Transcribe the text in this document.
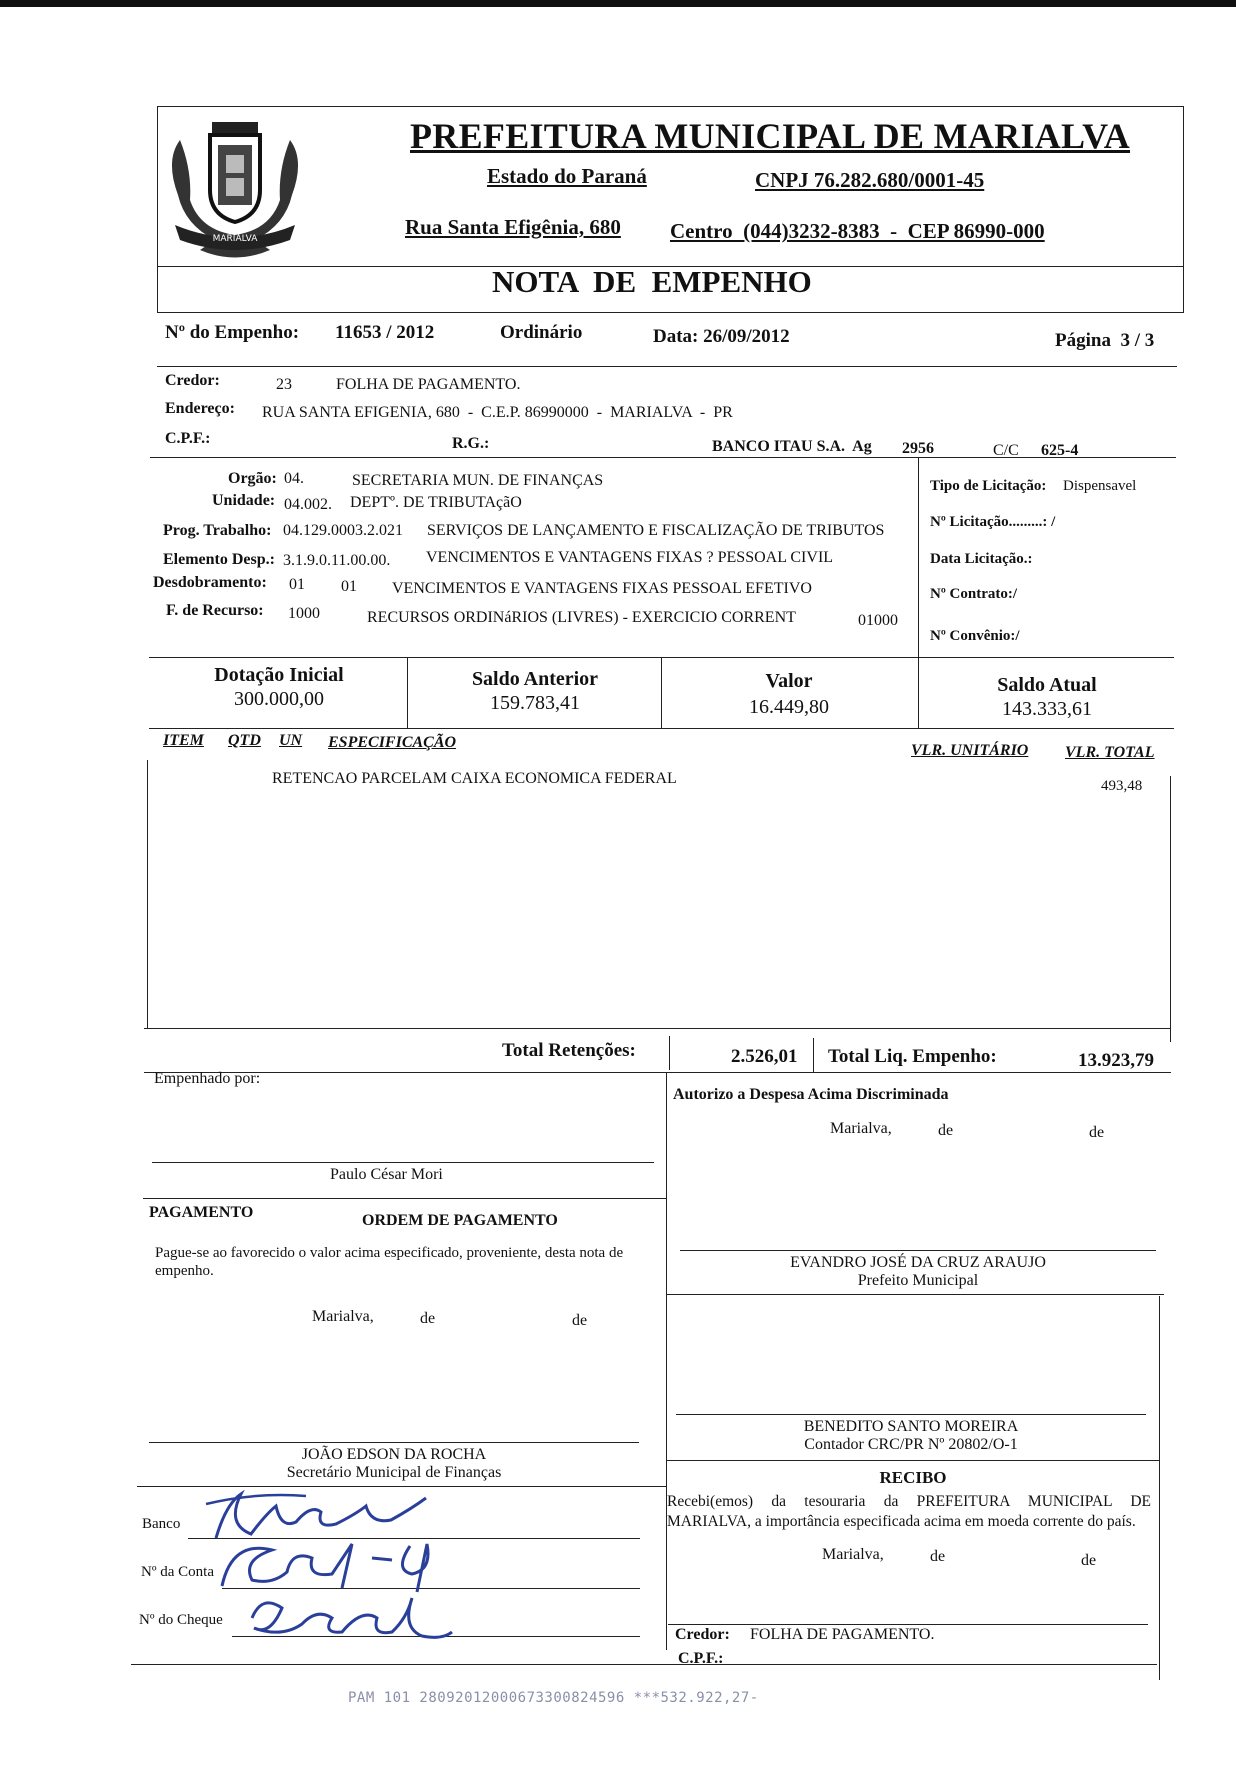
MARIALVA
PREFEITURA MUNICIPAL DE MARIALVA
Estado do Paraná	CNPJ 76.282.680/0001-45
Rua Santa Efigênia, 680 Centro  (044)3232-8383  -  CEP 86990-000
NOTA  DE  EMPENHO
Nº do Empenho: 11653 / 2012	Ordinário	Data: 26/09/2012	Página  3 / 3
Credor:	23	FOLHA DE PAGAMENTO.
Endereço: RUA SANTA EFIGENIA, 680  -  C.E.P. 86990000  -  MARIALVA  -  PR
C.P.F.:	R.G.:	BANCO ITAU S.A.  Ag 2956	C/C 625-4
Orgão: 04.	SECRETARIA MUN. DE FINANÇAS
Unidade: 04.002. DEPTº. DE TRIBUTAçãO
Prog. Trabalho: 04.129.0003.2.021 SERVIÇOS DE LANÇAMENTO E FISCALIZAÇÃO DE TRIBUTOS
Elemento Desp.: 3.1.9.0.11.00.00. VENCIMENTOS E VANTAGENS FIXAS ? PESSOAL CIVIL
Desdobramento: 01 01 VENCIMENTOS E VANTAGENS FIXAS PESSOAL EFETIVO
F. de Recurso: 1000	RECURSOS ORDINáRIOS (LIVRES) - EXERCICIO CORRENT	01000
Tipo de Licitação: Dispensavel
Nº Licitação.........: /
Data Licitação.:
Nº Contrato:/
Nº Convênio:/
Dotação Inicial
300.000,00
Saldo Anterior
159.783,41
Valor
16.449,80
Saldo Atual
143.333,61
ITEM QTD UN ESPECIFICAÇÃO	VLR. UNITÁRIO VLR. TOTAL
RETENCAO PARCELAM CAIXA ECONOMICA FEDERAL	493,48
Total Retenções:	2.526,01 Total Liq. Empenho:	13.923,79
Empenhado por:
Paulo César Mori
Autorizo a Despesa Acima Discriminada
Marialva,	de	de
EVANDRO JOSÉ DA CRUZ ARAUJO
Prefeito Municipal
PAGAMENTO	ORDEM DE PAGAMENTO
Pague-se ao favorecido o valor acima especificado, proveniente, desta nota de empenho.
Marialva,	de	de
JOÃO EDSON DA ROCHA
Secretário Municipal de Finanças
BENEDITO SANTO MOREIRA
Contador CRC/PR Nº 20802/O-1
RECIBO
Recebi(emos) da tesouraria da PREFEITURA MUNICIPAL DE MARIALVA, a importância especificada acima em moeda corrente do país.
Marialva,	de	de
Credor: FOLHA DE PAGAMENTO.
C.P.F.:
Banco
Nº da Conta
Nº do Cheque
PAM 101 28092012000673300824596 ***532.922,27-
